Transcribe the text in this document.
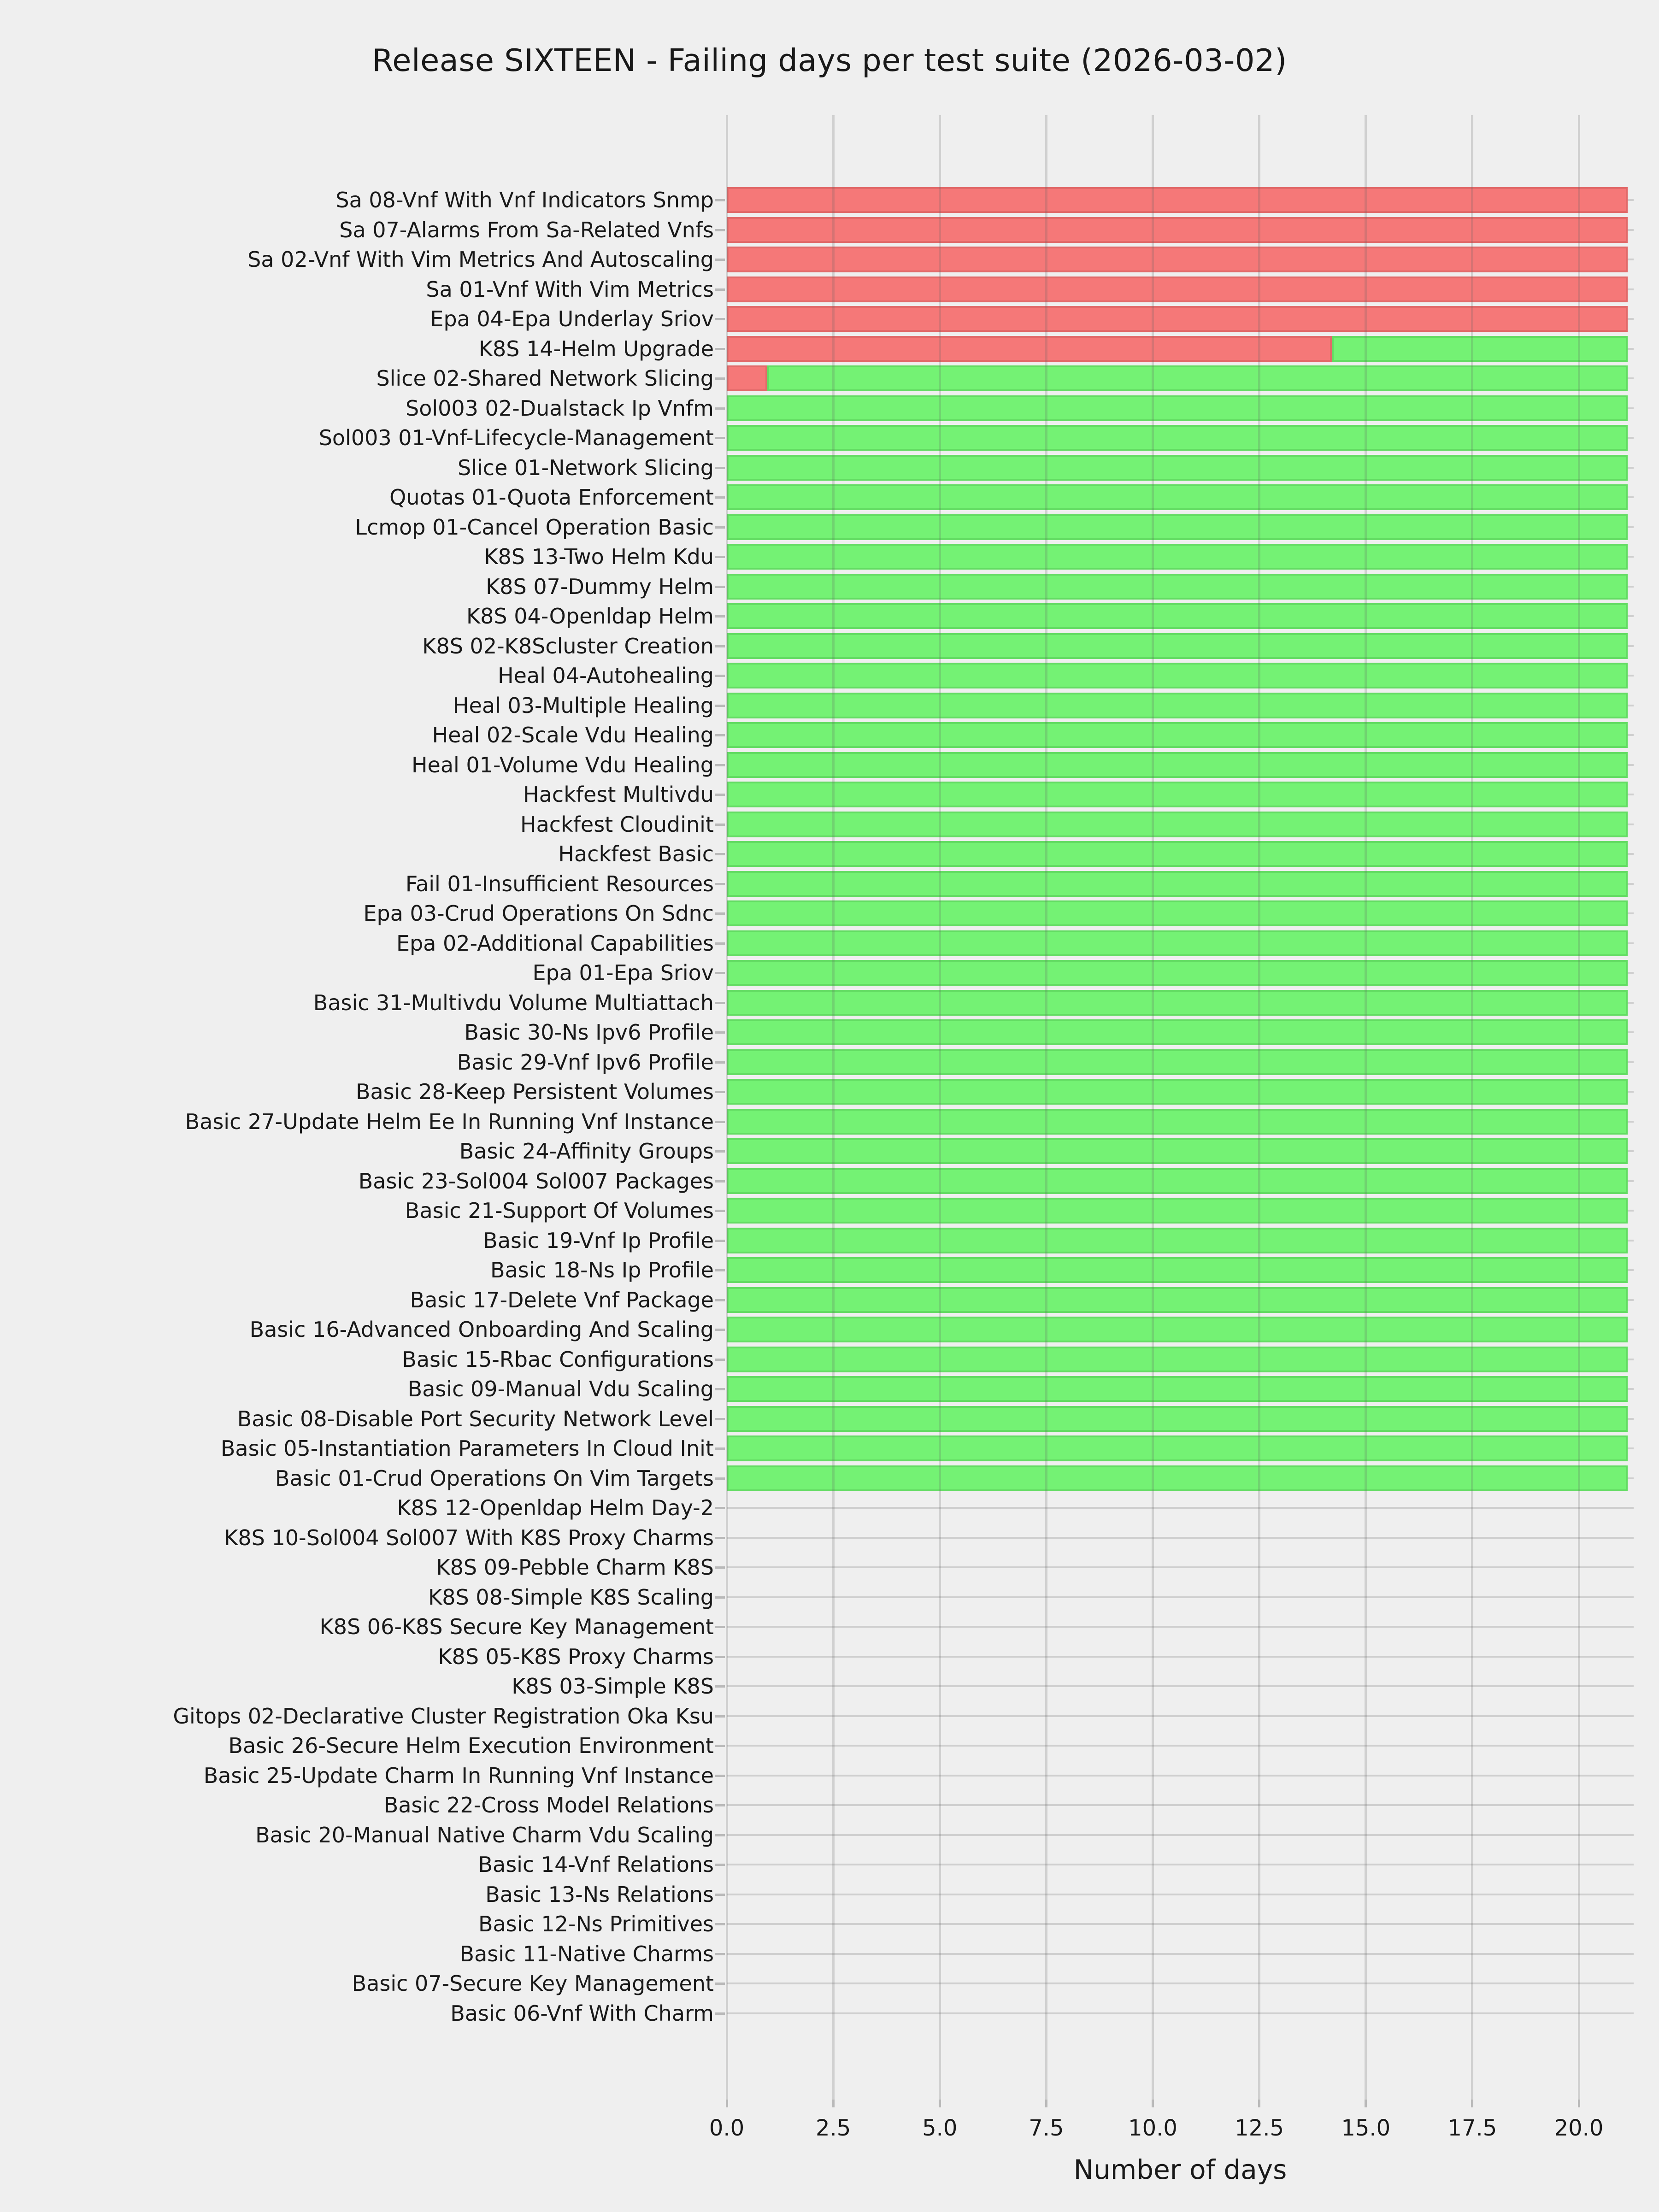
Release SIXTEEN - Failing days per test suite (2026-03-02)
Sa 08-Vnf With Vnf Indicators Snmp
Sa 07-Alarms From Sa-Related Vnfs
Sa 02-Vnf With Vim Metrics And Autoscaling
Sa 01-Vnf With Vim Metrics
Epa 04-Epa Underlay Sriov
K8S 14-Helm Upgrade
Slice 02-Shared Network Slicing
Sol003 02-Dualstack Ip Vnfm
Sol003 01-Vnf-Lifecycle-Management
Slice 01-Network Slicing
Quotas 01-Quota Enforcement
Lcmop 01-Cancel Operation Basic
K8S 13-Two Helm Kdu
K8S 07-Dummy Helm
K8S 04-Openldap Helm
K8S 02-K8Scluster Creation
Heal 04-Autohealing
Heal 03-Multiple Healing
Heal 02-Scale Vdu Healing
Heal 01-Volume Vdu Healing
Hackfest Multivdu
Hackfest Cloudinit
Hackfest Basic
Fail 01-Insufficient Resources
Epa 03-Crud Operations On Sdnc
Epa 02-Additional Capabilities
Epa 01-Epa Sriov
Basic 31-Multivdu Volume Multiattach
Basic 30-Ns Ipv6 Profile
Basic 29-Vnf Ipv6 Profile
Basic 28-Keep Persistent Volumes
Basic 27-Update Helm Ee In Running Vnf Instance
Basic 24-Affinity Groups
Basic 23-Sol004 Sol007 Packages
Basic 21-Support Of Volumes
Basic 19-Vnf Ip Profile
Basic 18-Ns Ip Profile
Basic 17-Delete Vnf Package
Basic 16-Advanced Onboarding And Scaling
Basic 15-Rbac Configurations
Basic 09-Manual Vdu Scaling
Basic 08-Disable Port Security Network Level
Basic 05-Instantiation Parameters In Cloud Init
Basic 01-Crud Operations On Vim Targets
K8S 12-Openldap Helm Day-2
K8S 10-Sol004 Sol007 With K8S Proxy Charms
K8S 09-Pebble Charm K8S
K8S 08-Simple K8S Scaling
K8S 06-K8S Secure Key Management
K8S 05-K8S Proxy Charms
K8S 03-Simple K8S
Gitops 02-Declarative Cluster Registration Oka Ksu
Basic 26-Secure Helm Execution Environment
Basic 25-Update Charm In Running Vnf Instance
Basic 22-Cross Model Relations
Basic 20-Manual Native Charm Vdu Scaling
Basic 14-Vnf Relations
Basic 13-Ns Relations
Basic 12-Ns Primitives
Basic 11-Native Charms
Basic 07-Secure Key Management
Basic 06-Vnf With Charm
0.0	2.5	5.0	7.5	10.0	12.5	15.0	17.5	20.0
Number of days
